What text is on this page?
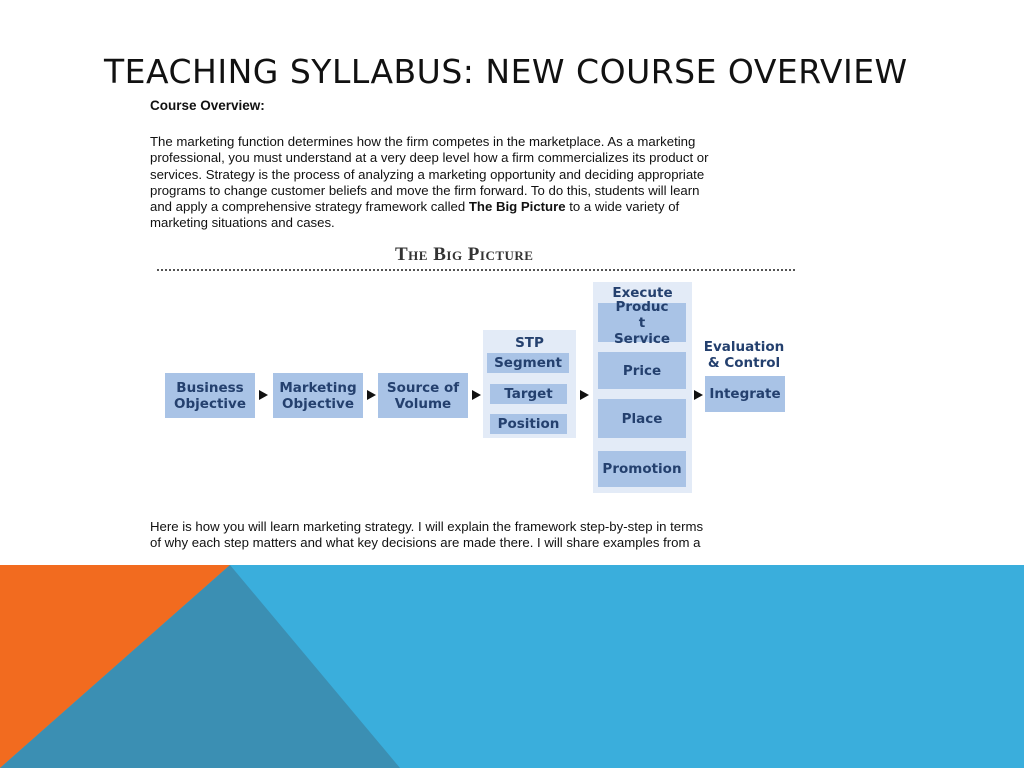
TEACHING SYLLABUS: NEW COURSE OVERVIEW
Course Overview:
The marketing function determines how the firm competes in the marketplace. As a marketing
professional, you must understand at a very deep level how a firm commercializes its product or
services. Strategy is the process of analyzing a marketing opportunity and deciding appropriate
programs to change customer beliefs and move the firm forward. To do this, students will learn
and apply a comprehensive strategy framework called The Big Picture to a wide variety of
marketing situations and cases.
The Big Picture
Business Objective
Marketing Objective
Source of Volume
STP
Segment
Target
Position
Execute
Produc t Service
Price
Place
Promotion
Evaluation & Control
Integrate
Here is how you will learn marketing strategy. I will explain the framework step-by-step in terms
of why each step matters and what key decisions are made there. I will share examples from a
